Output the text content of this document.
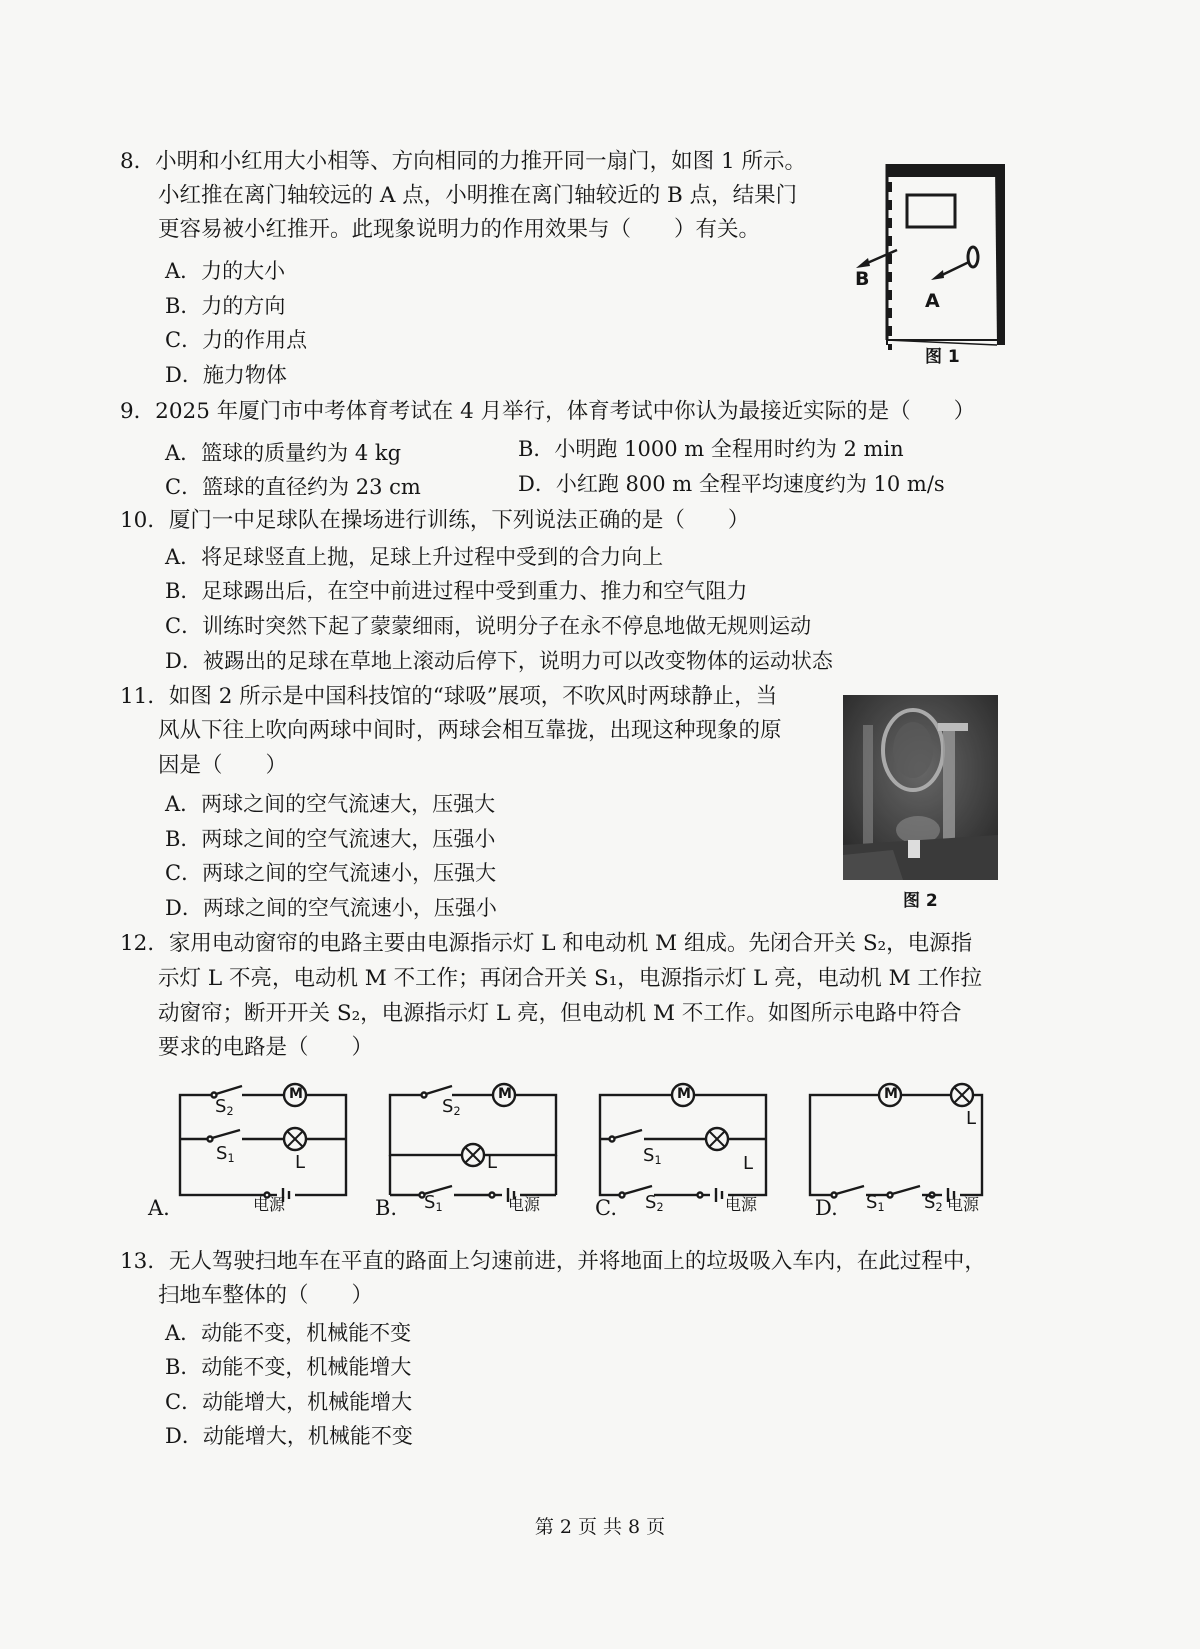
8．小明和小红用大小相等、方向相同的力推开同一扇门，如图 1 所示。
小红推在离门轴较远的 A 点，小明推在离门轴较近的 B 点，结果门
更容易被小红推开。此现象说明力的作用效果与（　　）有关。
A．力的大小
B．力的方向
C．力的作用点
D．施力物体
B
A
图 1
9．2025 年厦门市中考体育考试在 4 月举行，体育考试中你认为最接近实际的是（　　）
A．篮球的质量约为 4 kg	B．小明跑 1000 m 全程用时约为 2 min
C．篮球的直径约为 23 cm	D．小红跑 800 m 全程平均速度约为 10 m/s
10．厦门一中足球队在操场进行训练，下列说法正确的是（　　）
A．将足球竖直上抛，足球上升过程中受到的合力向上
B．足球踢出后，在空中前进过程中受到重力、推力和空气阻力
C．训练时突然下起了蒙蒙细雨，说明分子在永不停息地做无规则运动
D．被踢出的足球在草地上滚动后停下，说明力可以改变物体的运动状态
11．如图 2 所示是中国科技馆的“球吸”展项，不吹风时两球静止，当
风从下往上吹向两球中间时，两球会相互靠拢，出现这种现象的原
因是（　　）
A．两球之间的空气流速大，压强大
B．两球之间的空气流速大，压强小
C．两球之间的空气流速小，压强大
D．两球之间的空气流速小，压强小	图 2
12．家用电动窗帘的电路主要由电源指示灯 L 和电动机 M 组成。先闭合开关 S₂，电源指
示灯 L 不亮，电动机 M 不工作；再闭合开关 S₁，电源指示灯 L 亮，电动机 M 工作拉
动窗帘；断开开关 S₂，电源指示灯 L 亮，但电动机 M 不工作。如图所示电路中符合
要求的电路是（　　）
M	M	M	M
L	L	L
L
$S_2$
$S_1$
$S_2$
$S_1$
$S_1$
$S_2$	$S_1$ $S_2$
电源	电源	电源	电源
A.	B.	C.	D.
13．无人驾驶扫地车在平直的路面上匀速前进，并将地面上的垃圾吸入车内，在此过程中，
扫地车整体的（　　）
A．动能不变，机械能不变
B．动能不变，机械能增大
C．动能增大，机械能增大
D．动能增大，机械能不变
第 2 页 共 8 页
